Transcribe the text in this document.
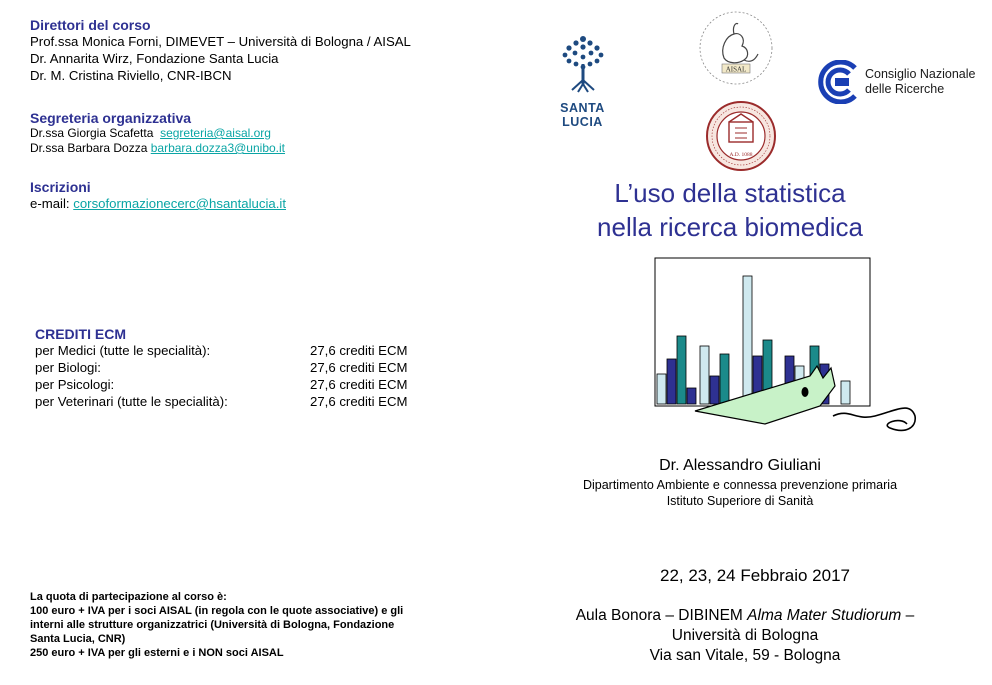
Direttori del corso
Prof.ssa Monica Forni, DIMEVET – Università di Bologna / AISAL
Dr. Annarita Wirz, Fondazione Santa Lucia
Dr. M. Cristina Riviello, CNR-IBCN
Segreteria organizzativa
Dr.ssa Giorgia Scafetta segreteria@aisal.org
Dr.ssa Barbara Dozza barbara.dozza3@unibo.it
Iscrizioni
e-mail: corsoformazionecerc@hsantalucia.it
CREDITI ECM
per Medici (tutte le specialità):	27,6 crediti ECM
per Biologi:	27,6 crediti ECM
per Psicologi:	27,6 crediti ECM
per Veterinari (tutte le specialità):	27,6 crediti ECM
La quota di partecipazione al corso è:
100 euro + IVA per i soci AISAL (in regola con le quote associative) e gli
interni alle strutture organizzatrici (Università di Bologna, Fondazione
Santa Lucia, CNR)
250 euro + IVA per gli esterni e i NON soci AISAL
SANTA LUCIA
AISAL	Consiglio Nazionale
delle Ricerche
A.D. 1088
L’uso della statistica
nella ricerca biomedica
Dr. Alessandro Giuliani
Dipartimento Ambiente e connessa prevenzione primaria
Istituto Superiore di Sanità
22, 23, 24 Febbraio 2017
Aula Bonora – DIBINEM Alma Mater Studiorum –
Università di Bologna
Via san Vitale, 59 - Bologna
